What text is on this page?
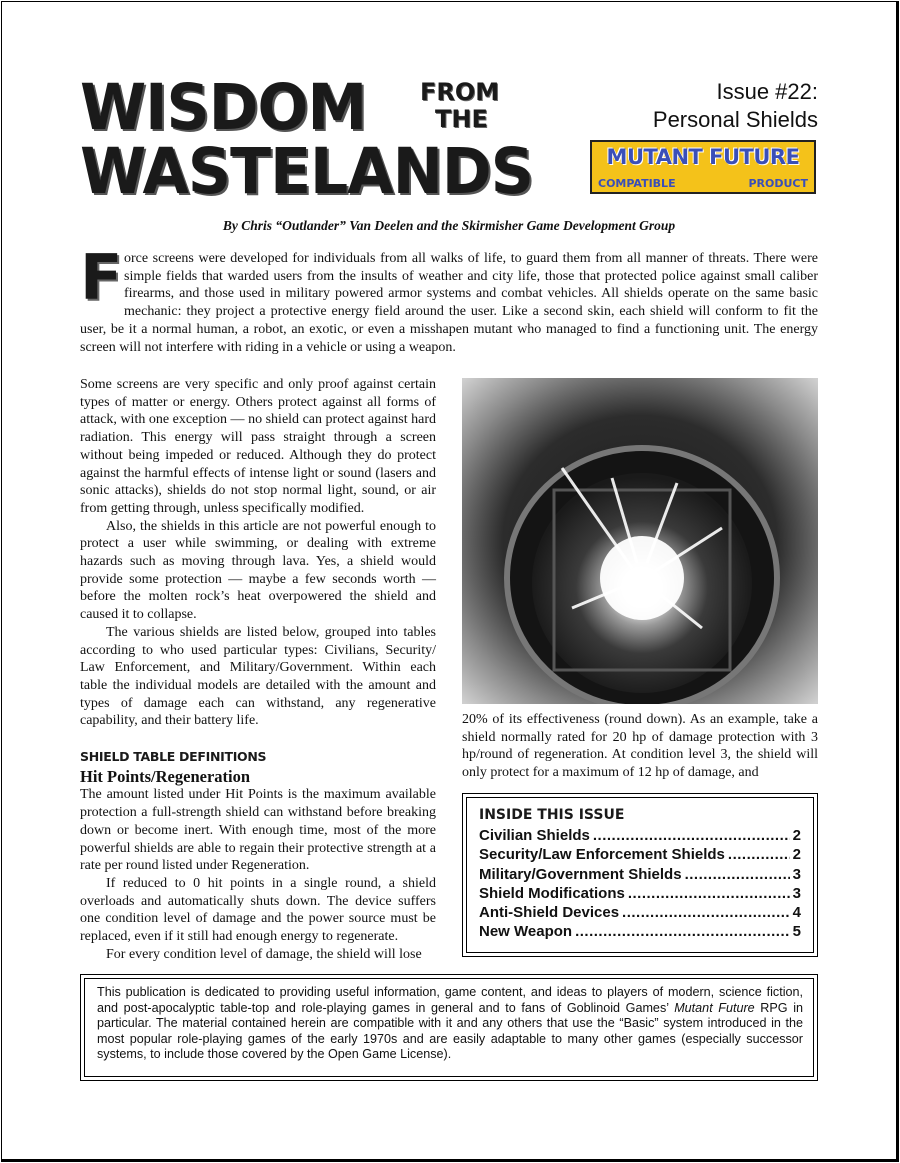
WISDOM FROM
THE
WASTELANDS
Issue #22:
Personal Shields
MUTANT FUTURE
COMPATIBLE	PRODUCT
By Chris “Outlander” Van Deelen and the Skirmisher Game Development Group
F orce screens were developed for individuals from all walks of life, to guard them from all manner of threats. There were simple fields that warded users from the insults of weather and city life, those that protected police against small caliber firearms, and those used in military powered armor systems and combat vehicles. All shields operate on the same basic mechanic: they project a protective energy field around the user. Like a second skin, each shield will conform to fit the user, be it a normal human, a robot, an exotic, or even a misshapen mutant who managed to find a functioning unit. The energy screen will not interfere with riding in a vehicle or using a weapon.

Some screens are very specific and only proof against certain types of matter or energy. Others protect against all forms of attack, with one exception — no shield can protect against hard radiation. This energy will pass straight through a screen without being impeded or reduced. Although they do protect against the harmful effects of intense light or sound (lasers and sonic attacks), shields do not stop normal light, sound, or air from getting through, unless specifically modified.

Also, the shields in this article are not powerful enough to protect a user while swimming, or dealing with extreme hazards such as moving through lava. Yes, a shield would provide some protection — maybe a few seconds worth — before the molten rock’s heat overpowered the shield and caused it to collapse.

The various shields are listed below, grouped into tables according to who used particular types: Civilians, Security/ Law Enforcement, and Military/Government. Within each table the individual models are detailed with the amount and types of damage each can withstand, any regenerative capability, and their battery life.

SHIELD TABLE DEFINITIONS
Hit Points/Regeneration

The amount listed under Hit Points is the maximum available protection a full-strength shield can withstand before breaking down or become inert. With enough time, most of the more powerful shields are able to regain their protective strength at a rate per round listed under Regeneration.

If reduced to 0 hit points in a single round, a shield overloads and automatically shuts down. The device suffers one condition level of damage and the power source must be replaced, even if it still had enough energy to regenerate.

For every condition level of damage, the shield will lose

20% of its effectiveness (round down). As an example, take a shield normally rated for 20 hp of damage protection with 3 hp/round of regeneration. At condition level 3, the shield will only protect for a maximum of 12 hp of damage, and
INSIDE THIS ISSUE
Civilian Shields .....	2
Security/Law Enforcement Shields .....	2
Military/Government Shields .....	3
Shield Modifications .....	3
Anti-Shield Devices .....	4
New Weapon .....	5
This publication is dedicated to providing useful information, game content, and ideas to players of modern, science fiction, and post-apocalyptic table-top and role-playing games in general and to fans of Goblinoid Games’ Mutant Future RPG in particular. The material contained herein are compatible with it and any others that use the “Basic” system introduced in the most popular role-playing games of the early 1970s and are easily adaptable to many other games (especially successor systems, to include those covered by the Open Game License).
